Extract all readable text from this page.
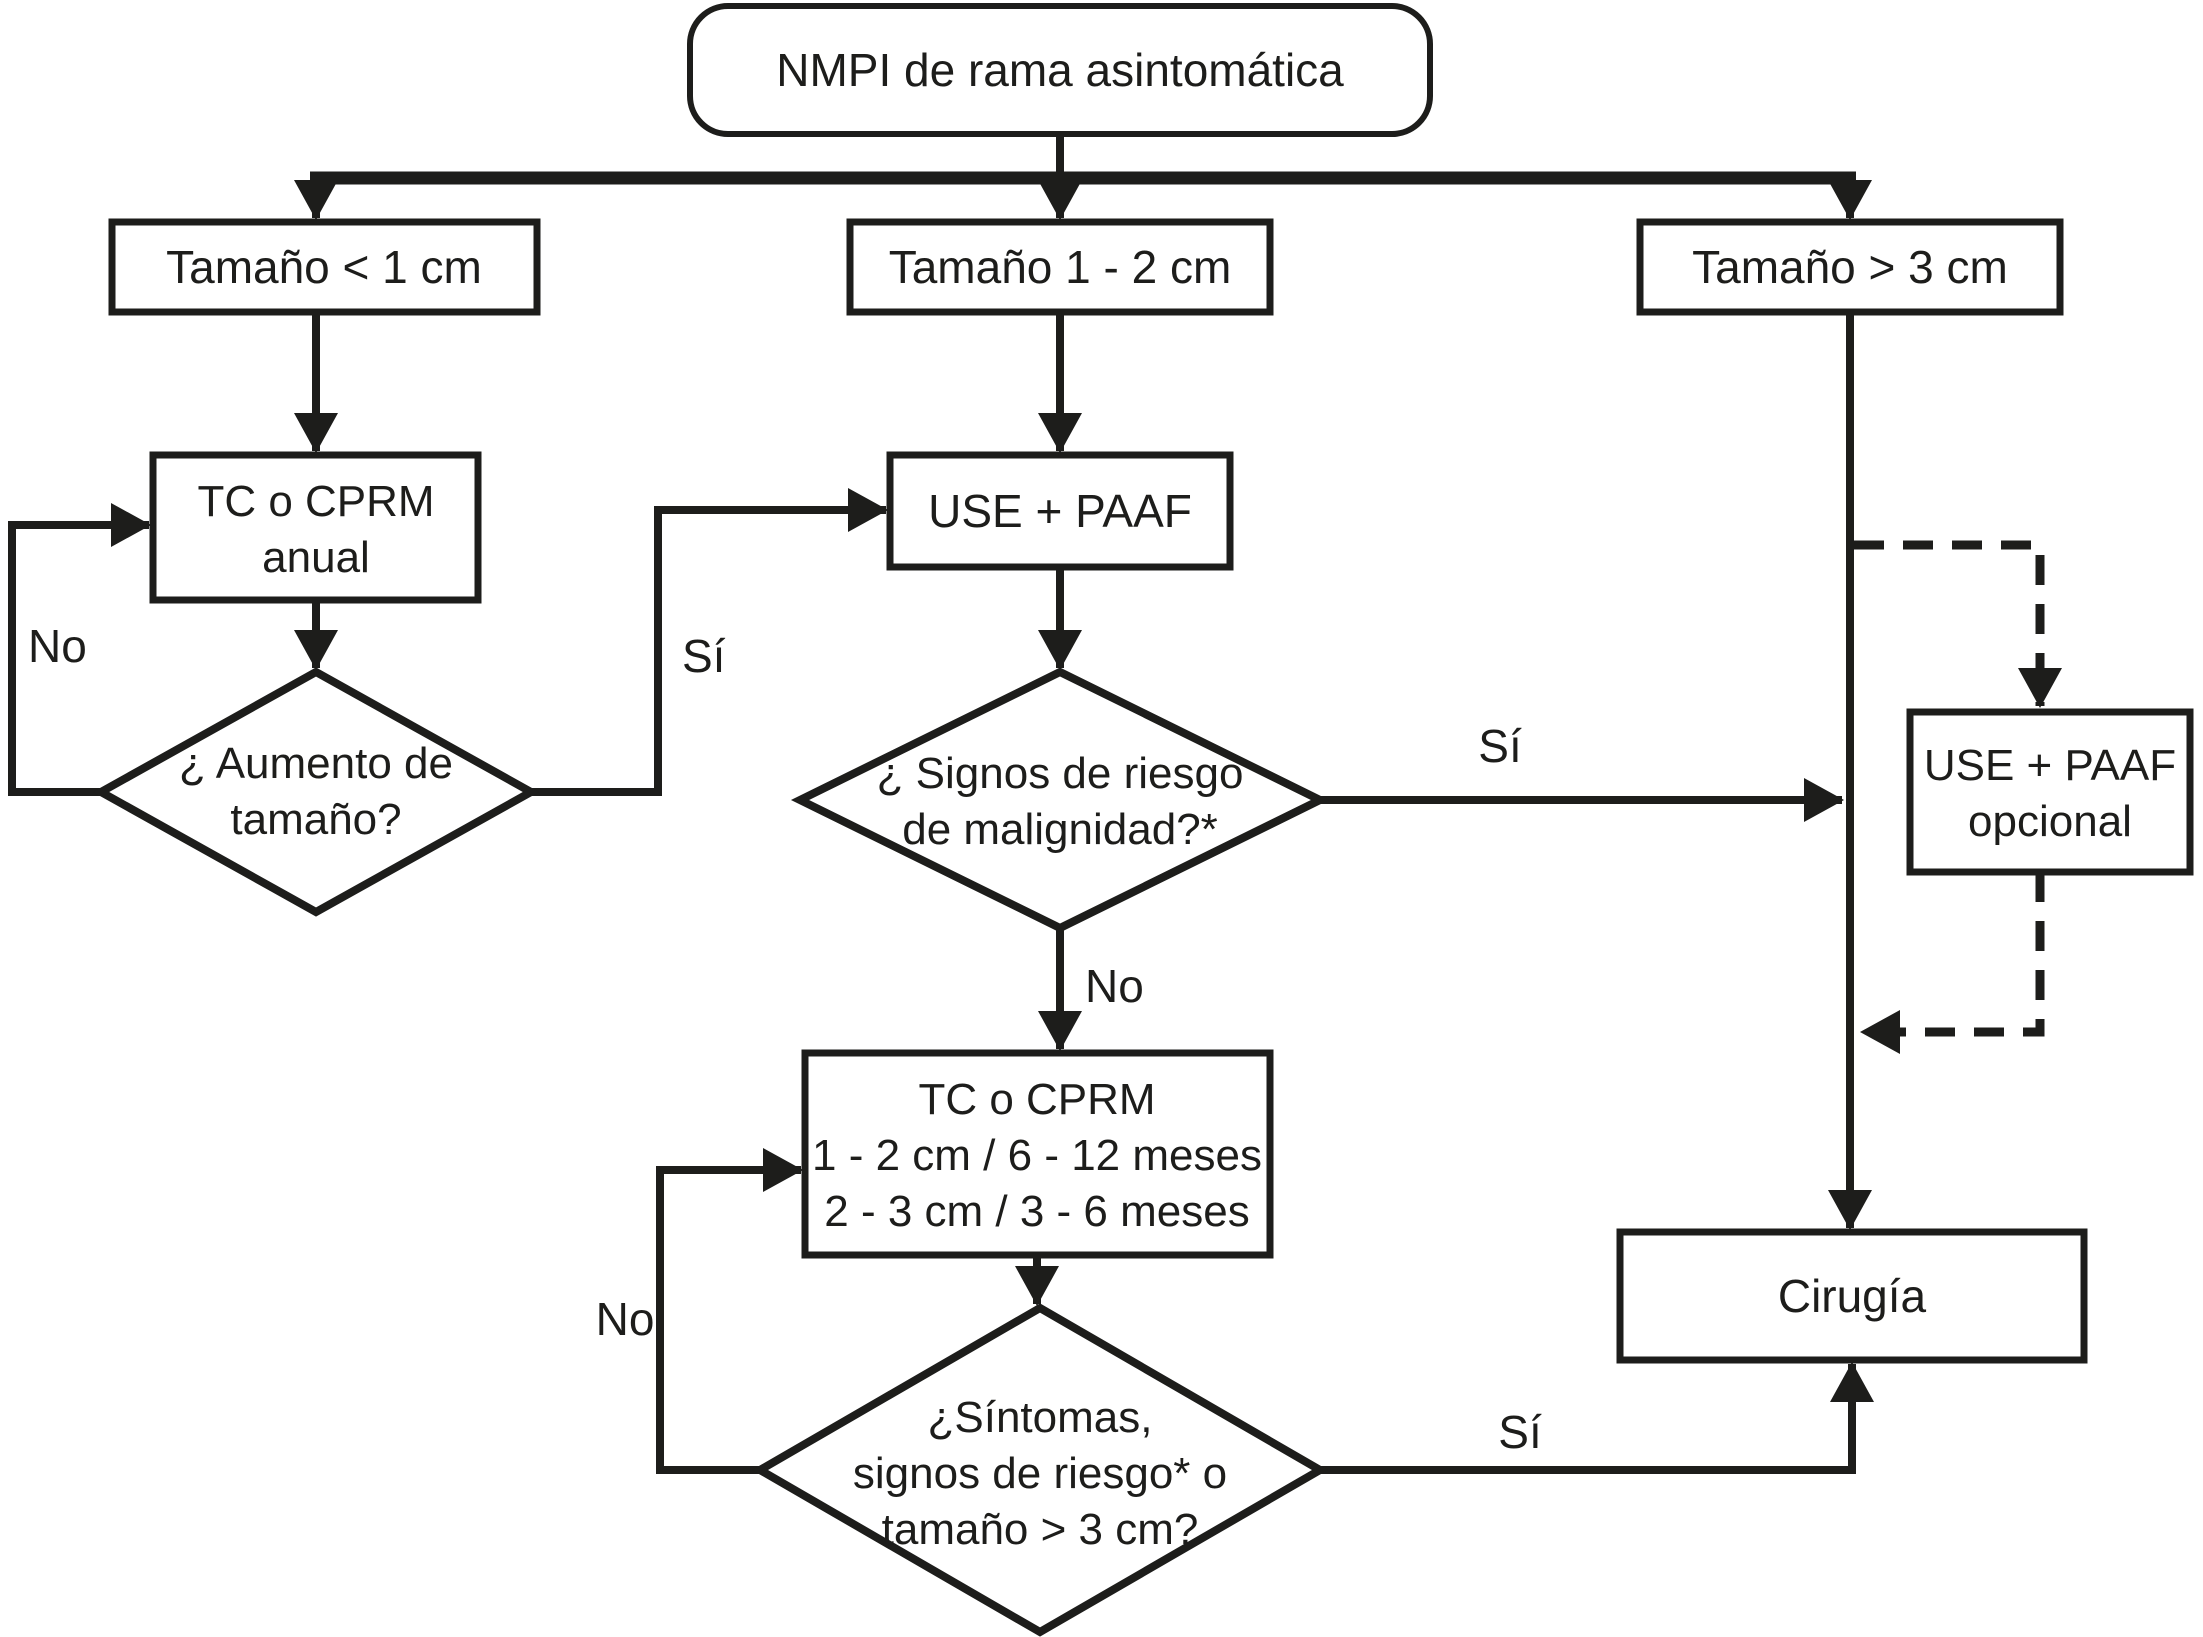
NMPI de rama asintomática
Tamaño < 1 cm	Tamaño 1 - 2 cm	Tamaño > 3 cm
TC o CPRM
anual
¿ Aumento de
tamaño?
USE + PAAF
¿ Signos de riesgo
de malignidad?*
TC o CPRM
1 - 2 cm / 6 - 12 meses
2 - 3 cm / 3 - 6 meses
¿Síntomas,
signos de riesgo* o
tamaño > 3 cm?
USE + PAAF
opcional
Cirugía
No	Sí
Sí
No
No
Sí
